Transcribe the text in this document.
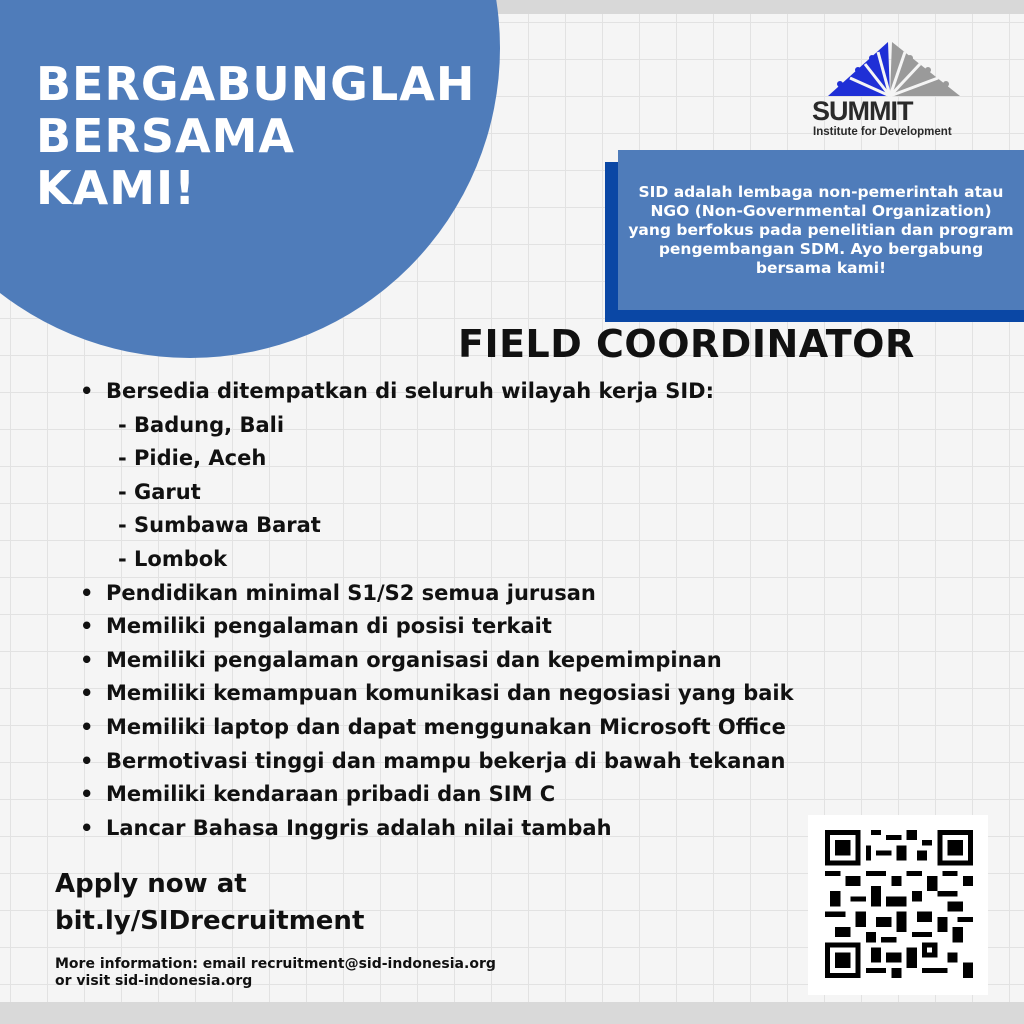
BERGABUNGLAH
BERSAMA
KAMI!
SUMMIT
Institute for Development
SID adalah lembaga non-pemerintah atau NGO (Non-Governmental Organization) yang berfokus pada penelitian dan program pengembangan SDM. Ayo bergabung bersama kami!
FIELD COORDINATOR
• Bersedia ditempatkan di seluruh wilayah kerja SID:
- Badung, Bali
- Pidie, Aceh
- Garut
- Sumbawa Barat
- Lombok
• Pendidikan minimal S1/S2 semua jurusan
• Memiliki pengalaman di posisi terkait
• Memiliki pengalaman organisasi dan kepemimpinan
• Memiliki kemampuan komunikasi dan negosiasi yang baik
• Memiliki laptop dan dapat menggunakan Microsoft Office
• Bermotivasi tinggi dan mampu bekerja di bawah tekanan
• Memiliki kendaraan pribadi dan SIM C
• Lancar Bahasa Inggris adalah nilai tambah
Apply now at
bit.ly/SIDrecruitment
More information: email recruitment@sid-indonesia.org
or visit sid-indonesia.org
